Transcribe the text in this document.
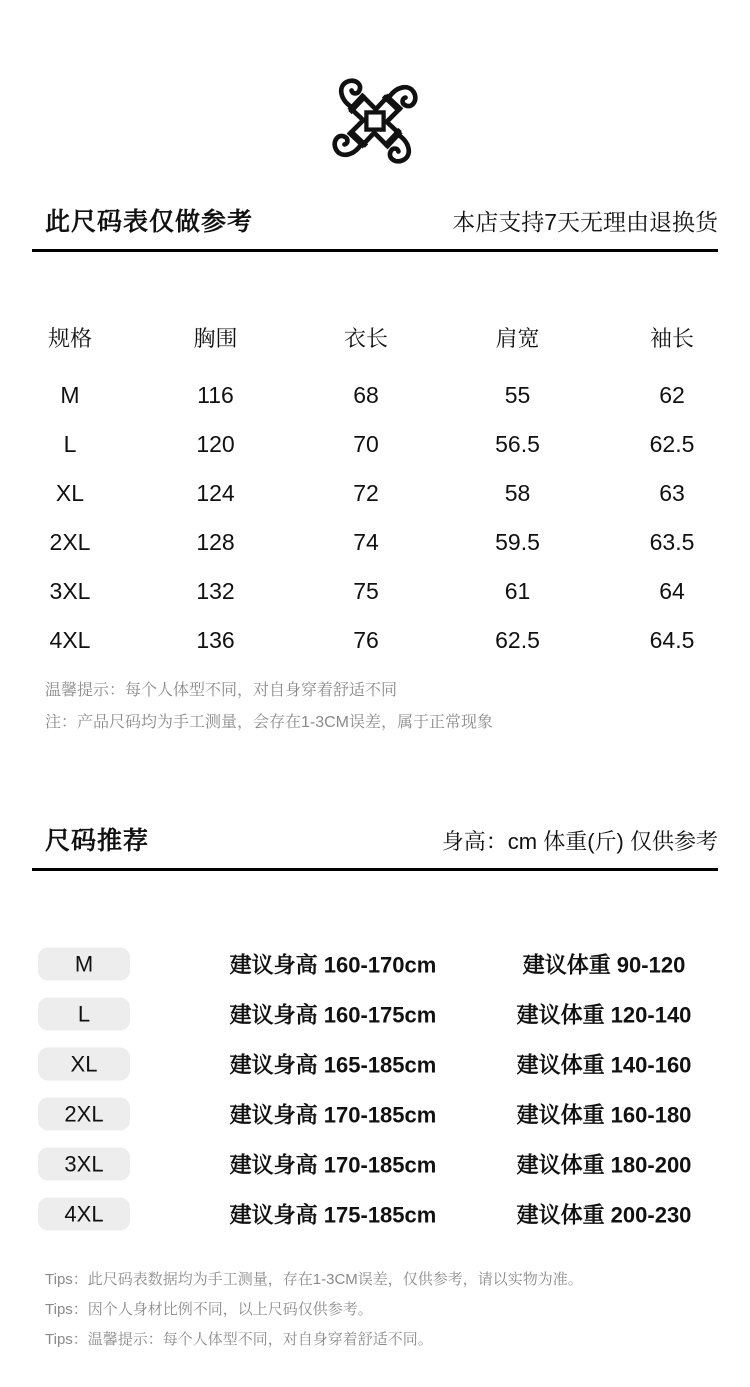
此尺码表仅做参考	本店支持7天无理由退换货
规格	胸围	衣长	肩宽	袖长
M	116	68	55	62
L	120	70	56.5	62.5
XL	124	72	58	63
2XL	128	74	59.5	63.5
3XL	132	75	61	64
4XL	136	76	62.5	64.5
温馨提示：每个人体型不同，对自身穿着舒适不同
注：产品尺码均为手工测量，会存在1-3CM误差，属于正常现象
尺码推荐	身高：cm 体重(斤) 仅供参考
M	建议身高 160-170cm	建议体重 90-120
L	建议身高 160-175cm	建议体重 120-140
XL	建议身高 165-185cm	建议体重 140-160
2XL	建议身高 170-185cm	建议体重 160-180
3XL	建议身高 170-185cm	建议体重 180-200
4XL	建议身高 175-185cm	建议体重 200-230
Tips：此尺码表数据均为手工测量，存在1-3CM误差，仅供参考，请以实物为准。
Tips：因个人身材比例不同，以上尺码仅供参考。
Tips：温馨提示：每个人体型不同，对自身穿着舒适不同。
